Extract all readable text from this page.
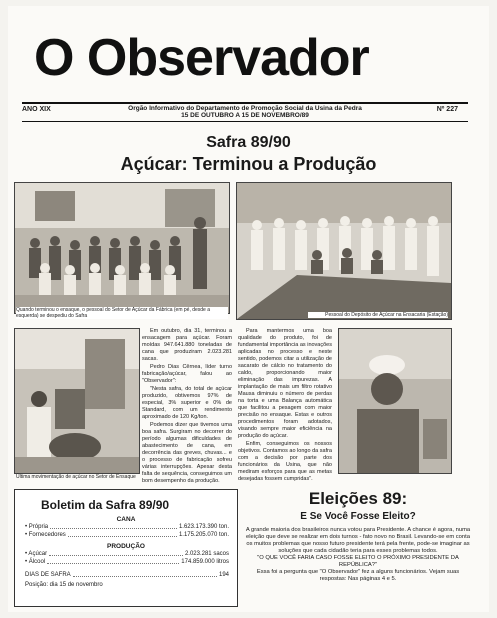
O Observador
ANO XIX	Orgão Informativo do Departamento de Promoção Social da Usina da Pedra
15 DE OUTUBRO A 15 DE NOVEMBRO/89
Nº 227
Safra 89/90
Açúcar: Terminou a Produção
Quando terminou o ensaque, o pessoal do Setor de Açúcar da Fábrica (em pé, desde a esquerda) se despediu do Safra	Pessoal do Depósito de Açúcar na Ensacaria (Estação)
Última movimentação de açúcar no Setor de Ensaque

Em outubro, dia 31, terminou a ensacagem para açúcar. Foram moídas 947.641.880 toneladas de cana que produziram 2.023.281 sacas.

Pedro Dias Cêrnea, líder turno fabricação/açúcar, falou ao "Observador":

"Nesta safra, do total de açúcar produzido, obtivemos 97% de especial, 3% superior e 0% de Standard, com um rendimento aproximado de 120 Kg/ton.

Podemos dizer que tivemos uma boa safra. Surgiram no decorrer do período algumas dificuldades de abastecimento de cana, em decorrência das greves, chuvas... e o processo de fabricação sofreu várias interrupções. Apesar desta falta de sequência, conseguimos um bom desempenho da produção.

Para mantermos uma boa qualidade do produto, foi de fundamental importância as inovações aplicadas no processo e neste sentido, podemos citar a utilização de sacarato de cálcio no tratamento do caldo, proporcionando maior eliminação das impurezas. A implantação de mais um filtro rotativo Mausa diminuiu o número de perdas na torta e uma Balança automática que facilitou a pesagem com maior precisão no ensaque. Estas e outros procedimentos foram adotados, visando sempre maior eficiência na produção do açúcar.

Enfim, conseguimos os nossos objetivos. Contamos ao longo da safra com a decisão por parte dos funcionários da Usina, que não mediram esforços para que as metas desejadas fossem cumpridas".

Boletim da Safra 89/90
CANA
• Própria	1.623.173.390 ton.
• Fornecedores	1.175.205.070 ton.
PRODUÇÃO
• Açúcar	2.023.281 sacos
• Álcool	174.859.000 litros
DIAS DE SAFRA	194
Posição: dia 15 de novembro
Eleições 89:
E Se Você Fosse Eleito?
A grande maioria dos brasileiros nunca votou para Presidente. A chance é agora, numa eleição que deve se realizar em dois turnos - fato novo no Brasil. Levando-se em conta os muitos problemas que nosso futuro presidente terá pela frente, pode-se imaginar as soluções que cada cidadão teria para esses problemas todos.
"O QUE VOCÊ FARIA CASO FOSSE ELEITO O PRÓXIMO PRESIDENTE DA REPÚBLICA?"
Essa foi a pergunta que "O Observador" fez a alguns funcionários. Vejam suas respostas: Nas páginas 4 e 5.
